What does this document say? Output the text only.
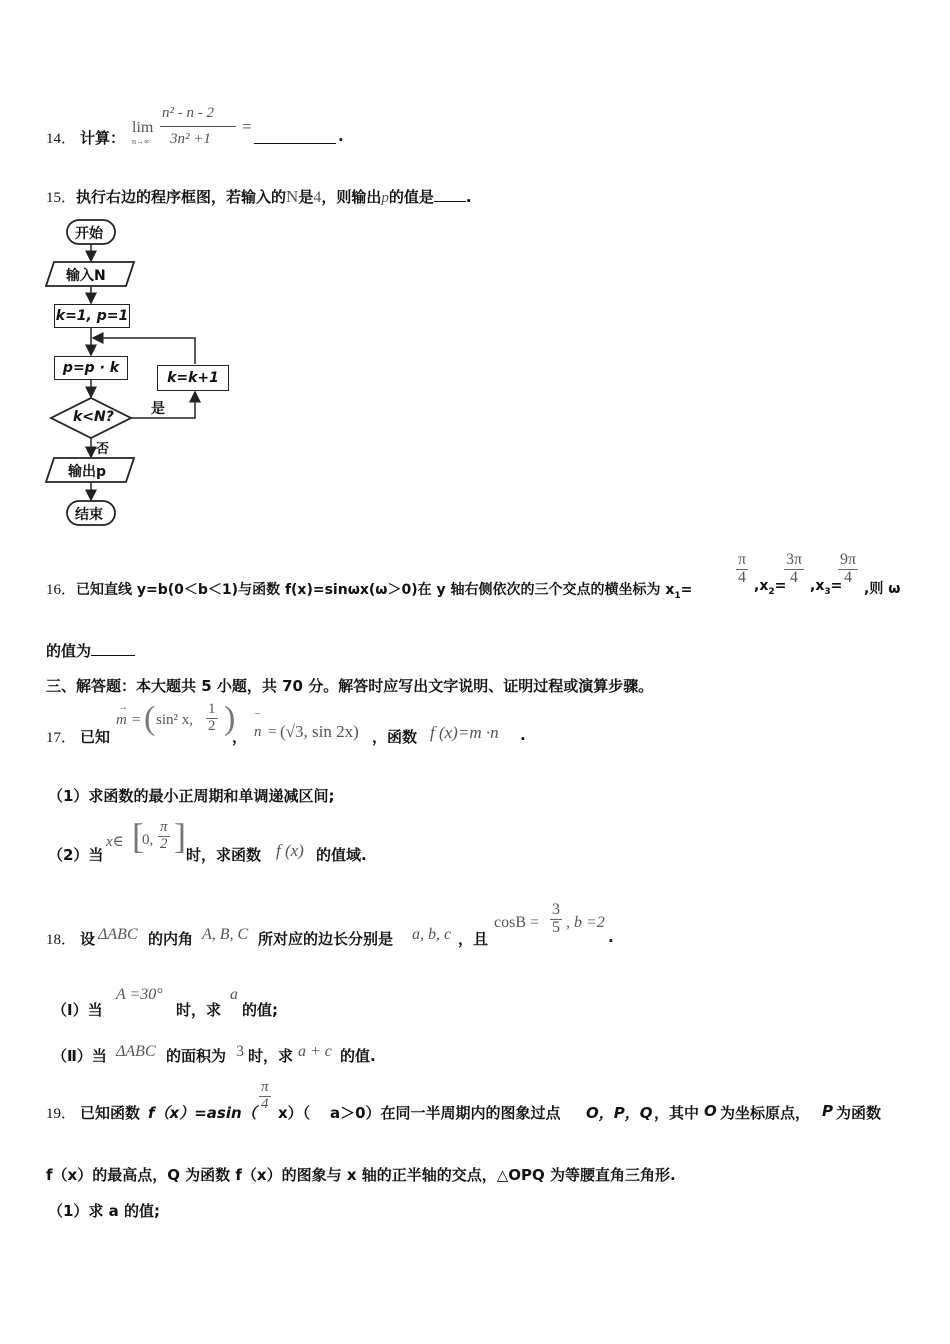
14． 计算：
lim
n→∞
n² - n - 2
3n² +1
=	.
15．执行右边的程序框图，若输入的N是4，则输出p的值是 .
开始
输入N
k=1, p=1
p=p · k
k=k+1
k<N?	是
否
输出p
结束
16．已知直线 y=b(0＜b＜1)与函数 f(x)=sinωx(ω＞0)在 y 轴右侧依次的三个交点的横坐标为 $x_1=$
$\frac{\pi}{4} ,x_2=$
$\frac{3\pi}{4} ,x_3=$
$\frac{9\pi}{4}$
,则 ω
的值为
三、解答题：本大题共 5 小题，共 70 分。解答时应写出文字说明、证明过程或演算步骤。
17． 已知
m
→
= ( sin² x, $\frac{1}{2}$ )
， n
–
= (√3, sin 2x) ，函数 f (x)=m ·n .
（1）求函数的最小正周期和单调递减区间;
（2）当
x∈ [
0, $\frac{\pi}{2}$ ] 时，求函数 f (x) 的值域.
18． 设 ΔABC 的内角 A, B, C 所对应的边长分别是 a, b, c ，且
$\cos B = \frac{3}{5}$ , b =2
.
（Ⅰ）当
A =30°
时，求
a
的值;
（Ⅱ）当 ΔABC 的面积为 3 时，求 a + c 的值.
19． 已知函数 f（x）=asin（
$\frac{\pi}{4}$
x）（ a＞0）在同一半周期内的图象过点 O，P，Q ，其中 O 为坐标原点， P 为函数
f（x）的最高点，Q 为函数 f（x）的图象与 x 轴的正半轴的交点，△OPQ 为等腰直角三角形.
（1）求 a 的值;
